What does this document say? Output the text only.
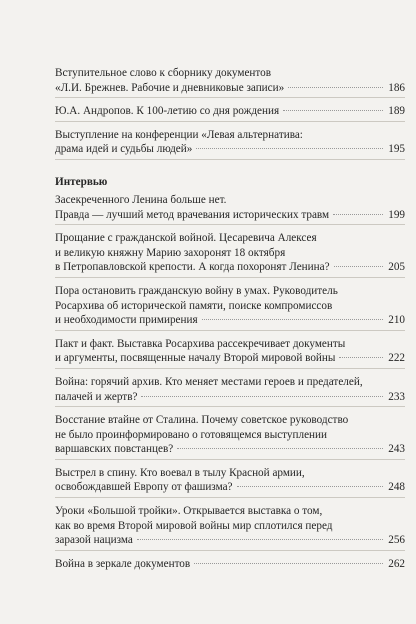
Вступительное слово к сборнику документов
«Л.И. Брежнев. Рабочие и дневниковые записи»	186
Ю.А. Андропов. К 100-летию со дня рождения	189
Выступление на конференции «Левая альтернатива:
драма идей и судьбы людей»	195
Интервью
Засекреченного Ленина больше нет.
Правда — лучший метод врачевания исторических травм	199
Прощание с гражданской войной. Цесаревича Алексея
и великую княжну Марию захоронят 18 октября
в Петропавловской крепости. А когда похоронят Ленина?	205
Пора остановить гражданскую войну в умах. Руководитель
Росархива об исторической памяти, поиске компромиссов
и необходимости примирения	210
Пакт и факт. Выставка Росархива рассекречивает документы
и аргументы, посвященные началу Второй мировой войны	222
Война: горячий архив. Кто меняет местами героев и предателей,
палачей и жертв?	233
Восстание втайне от Сталина. Почему советское руководство
не было проинформировано о готовящемся выступлении
варшавских повстанцев?	243
Выстрел в спину. Кто воевал в тылу Красной армии,
освобождавшей Европу от фашизма?	248
Уроки «Большой тройки». Открывается выставка о том,
как во время Второй мировой войны мир сплотился перед
заразой нацизма	256
Война в зеркале документов	262
